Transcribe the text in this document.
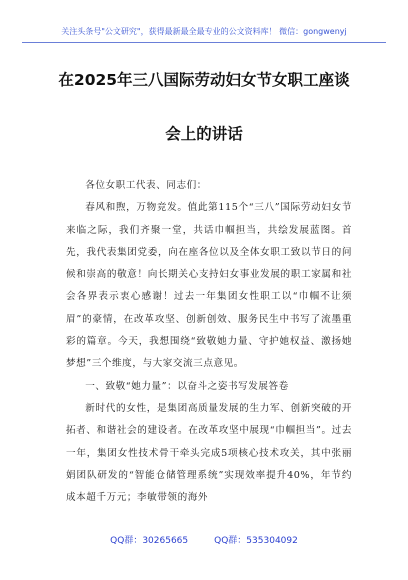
关注头条号"公文研究"，获得最新最全最专业的公文资料库！ 微信：gongwenyj
在2025年三八国际劳动妇女节女职工座谈
会上的讲话

各位女职工代表、同志们：

春风和煦，万物竞发。值此第115个“三八”国际劳动妇女节来临之际，我们齐聚一堂，共话巾帼担当，共绘发展蓝图。首先，我代表集团党委，向在座各位以及全体女职工致以节日的问候和崇高的敬意！向长期关心支持妇女事业发展的职工家属和社会各界表示衷心感谢！过去一年集团女性职工以“巾帼不让须眉”的豪情，在改革攻坚、创新创效、服务民生中书写了流墨重彩的篇章。今天，我想围绕“致敬她力量、守护她权益、激扬她梦想”三个维度，与大家交流三点意见。

一、致敬“她力量”：以奋斗之姿书写发展答卷

新时代的女性，是集团高质量发展的生力军、创新突破的开拓者、和谐社会的建设者。在改革攻坚中展现“巾帼担当”。过去一年，集团女性技术骨干牵头完成5项核心技术攻关，其中张丽娟团队研发的“智能仓储管理系统”实现效率提升40%，年节约成本超千万元；李敏带领的海外

QQ群：30265665	QQ群：535304092
